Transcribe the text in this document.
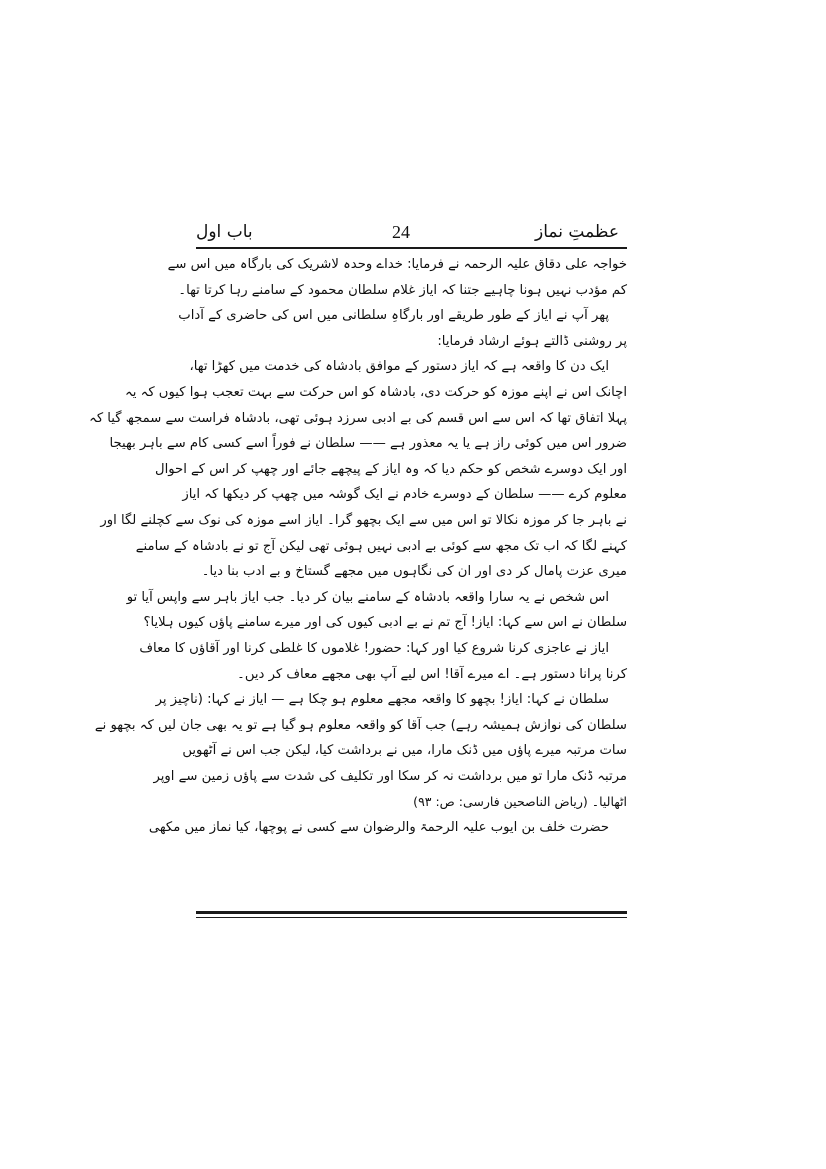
عظمتِ نماز
24
باب اول
خواجہ علی دقاق علیہ الرحمہ نے فرمایا: خداے وحدہ لاشریک کی بارگاہ میں اس سے
کم مؤدب نہیں ہونا چاہیے جتنا کہ ایاز غلام سلطان محمود کے سامنے رہا کرتا تھا۔
پھر آپ نے ایاز کے طور طریقے اور بارگاہِ سلطانی میں اس کی حاضری کے آداب
پر روشنی ڈالتے ہوئے ارشاد فرمایا:
ایک دن کا واقعہ ہے کہ ایاز دستور کے موافق بادشاہ کی خدمت میں کھڑا تھا،
اچانک اس نے اپنے موزہ کو حرکت دی، بادشاہ کو اس حرکت سے بہت تعجب ہوا کیوں کہ یہ
پہلا اتفاق تھا کہ اس سے اس قسم کی بے ادبی سرزد ہوئی تھی، بادشاہ فراست سے سمجھ گیا کہ
ضرور اس میں کوئی راز ہے یا یہ معذور ہے —— سلطان نے فوراً اسے کسی کام سے باہر بھیجا
اور ایک دوسرے شخص کو حکم دیا کہ وہ ایاز کے پیچھے جائے اور چھپ کر اس کے احوال
معلوم کرے —— سلطان کے دوسرے خادم نے ایک گوشہ میں چھپ کر دیکھا کہ ایاز
نے باہر جا کر موزہ نکالا تو اس میں سے ایک بچھو گرا۔ ایاز اسے موزہ کی نوک سے کچلنے لگا اور
کہنے لگا کہ اب تک مجھ سے کوئی بے ادبی نہیں ہوئی تھی لیکن آج تو نے بادشاہ کے سامنے
میری عزت پامال کر دی اور ان کی نگاہوں میں مجھے گستاخ و بے ادب بنا دیا۔
اس شخص نے یہ سارا واقعہ بادشاہ کے سامنے بیان کر دیا۔ جب ایاز باہر سے واپس آیا تو
سلطان نے اس سے کہا: ایاز! آج تم نے بے ادبی کیوں کی اور میرے سامنے پاؤں کیوں ہلایا؟
ایاز نے عاجزی کرنا شروع کیا اور کہا: حضور! غلاموں کا غلطی کرنا اور آقاؤں کا معاف
کرنا پرانا دستور ہے۔ اے میرے آقا! اس لیے آپ بھی مجھے معاف کر دیں۔
سلطان نے کہا: ایاز! بچھو کا واقعہ مجھے معلوم ہو چکا ہے — ایاز نے کہا: (ناچیز پر
سلطان کی نوازش ہمیشہ رہے) جب آقا کو واقعہ معلوم ہو گیا ہے تو یہ بھی جان لیں کہ بچھو نے
سات مرتبہ میرے پاؤں میں ڈنک مارا، میں نے برداشت کیا، لیکن جب اس نے آٹھویں
مرتبہ ڈنک مارا تو میں برداشت نہ کر سکا اور تکلیف کی شدت سے پاؤں زمین سے اوپر
اٹھالیا۔ (ریاض الناصحین فارسی: ص: ۹۳)
حضرت خلف بن ایوب علیہ الرحمۃ والرضوان سے کسی نے پوچھا، کیا نماز میں مکھی
